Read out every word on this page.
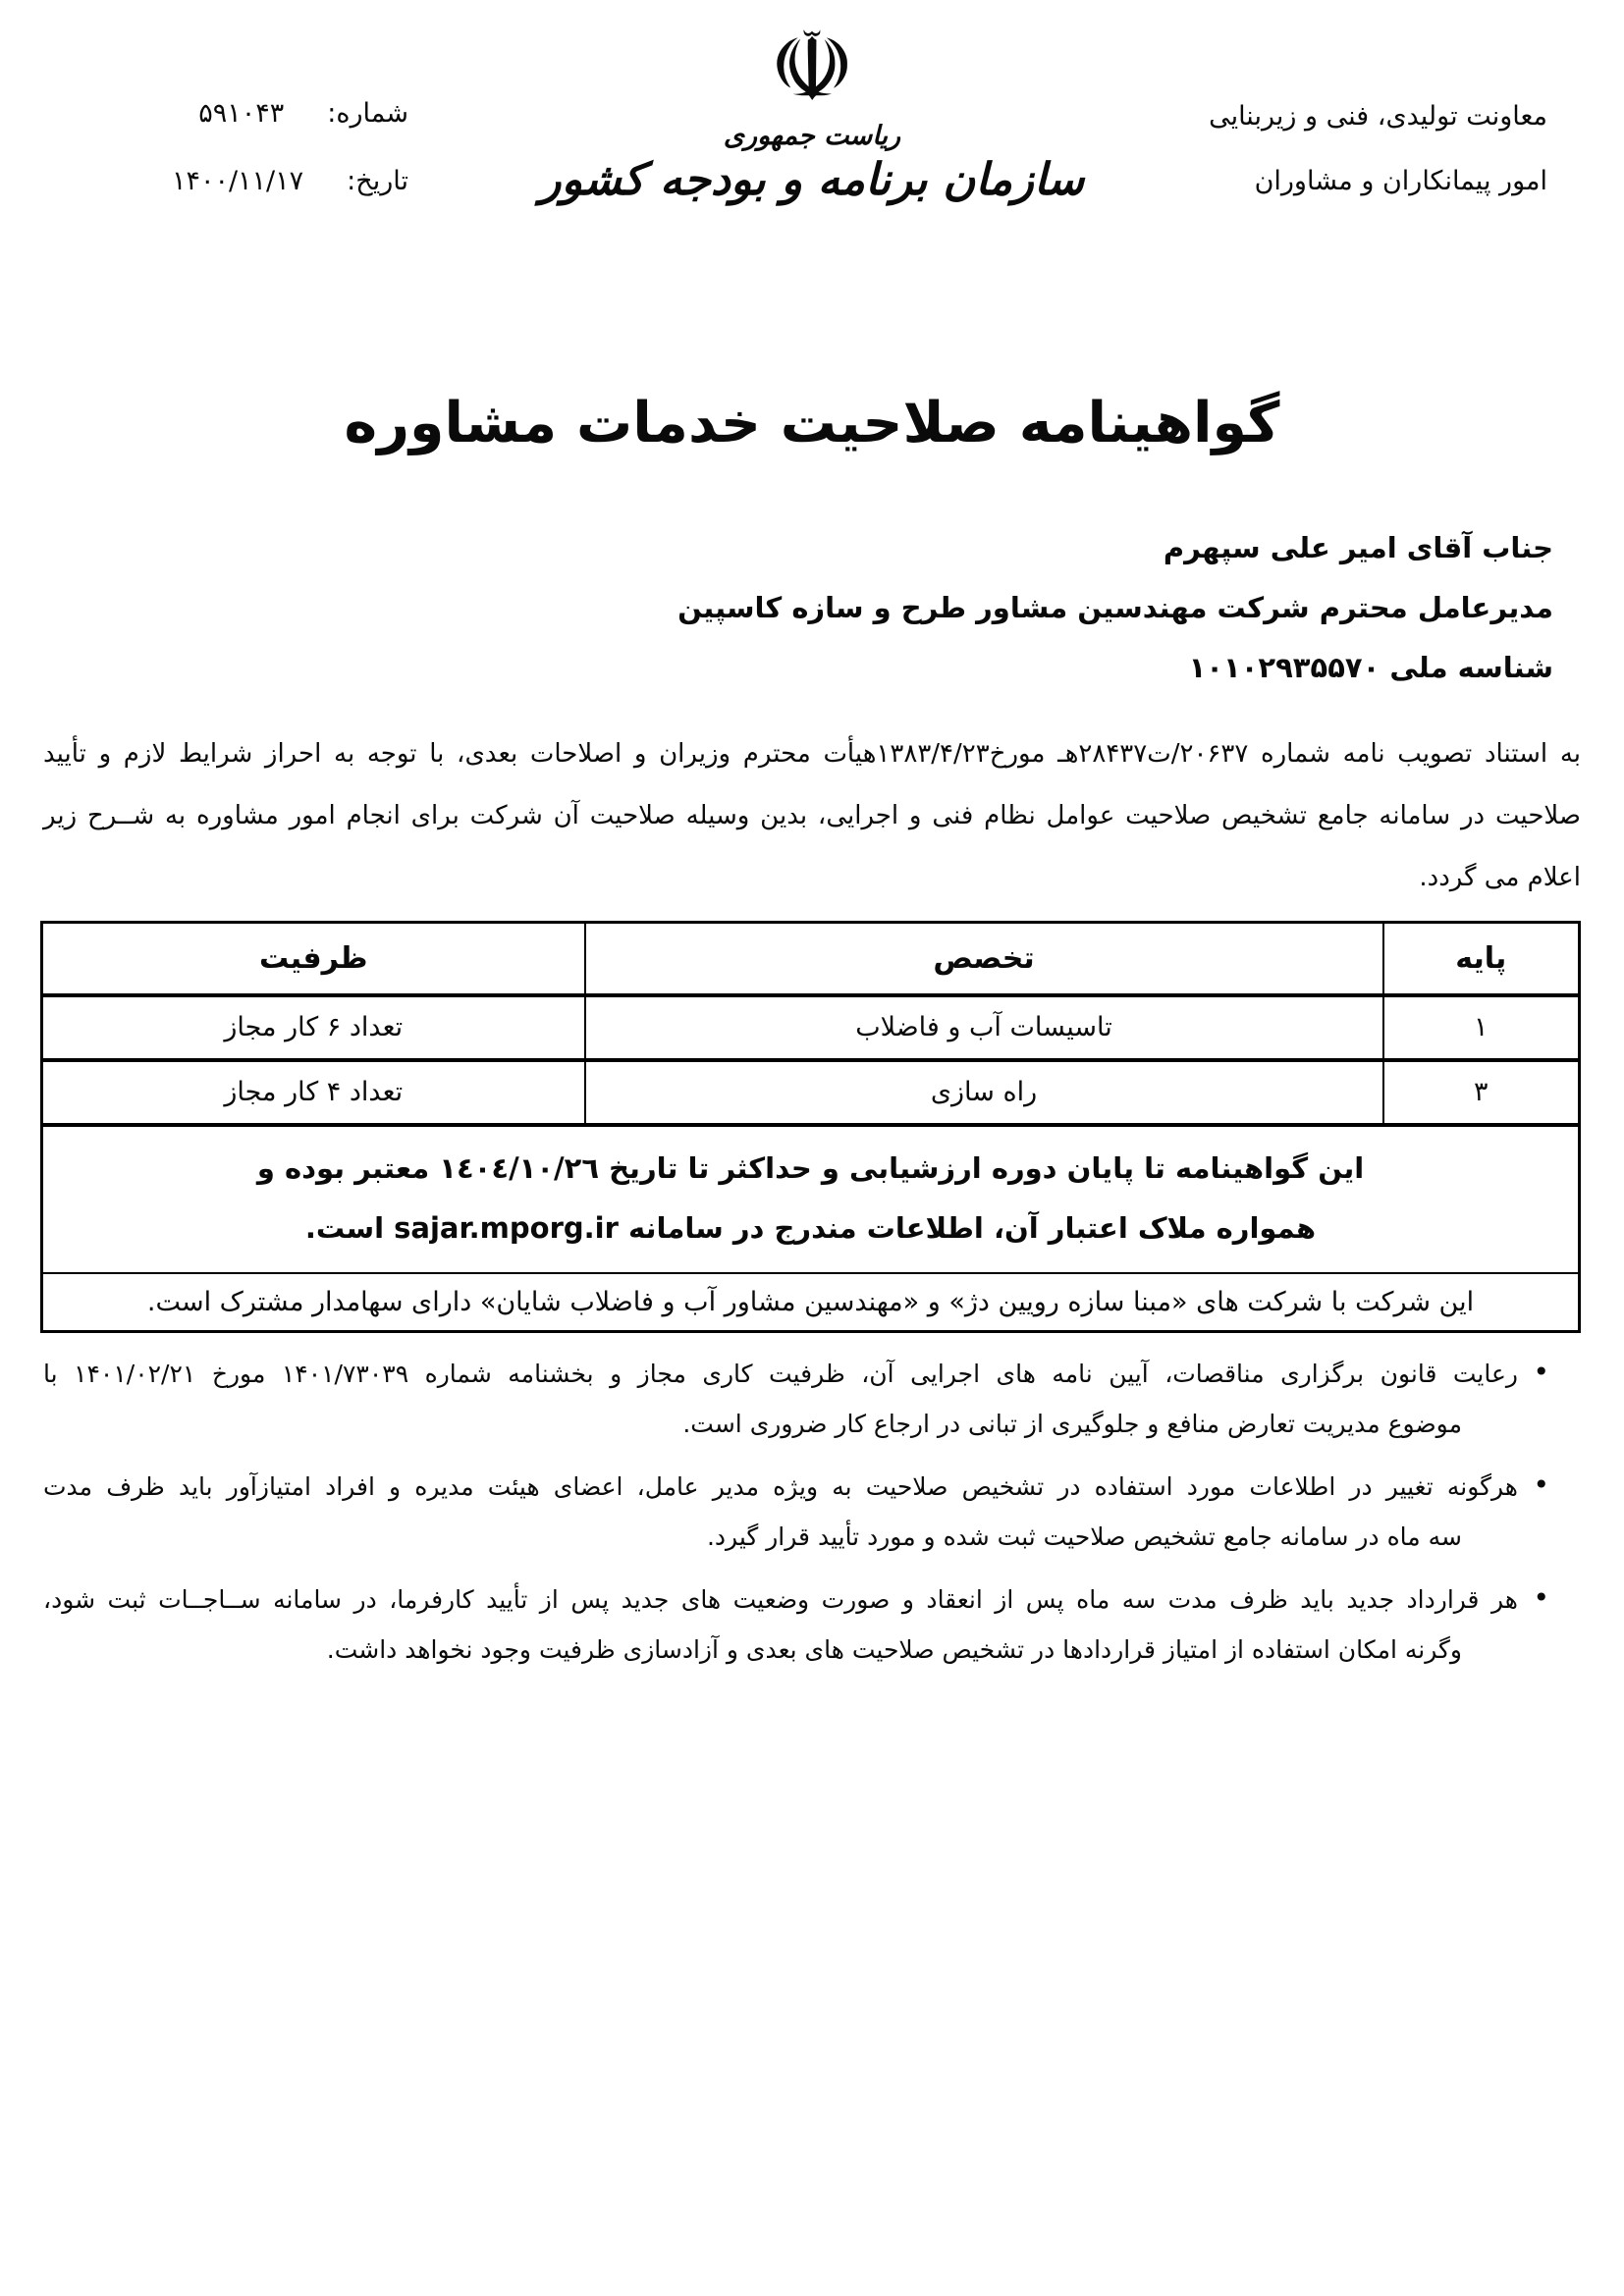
شماره:
۵۹۱۰۴۳
تاریخ:
۱۴۰۰/۱۱/۱۷
☫
ریاست جمهوری
سازمان برنامه و بودجه کشور
معاونت تولیدی، فنی و زیربنایی
امور پیمانکاران و مشاوران
گواهینامه صلاحیت خدمات مشاوره
جناب آقای امیر علی سپهرم
مدیرعامل محترم شرکت مهندسین مشاور طرح و سازه کاسپین
شناسه ملی ۱۰۱۰۲۹۳۵۵۷۰
به استناد تصویب نامه شماره ۲۰۶۳۷/ت۲۸۴۳۷هـ مورخ۱۳۸۳/۴/۲۳هیأت محترم وزیران و اصلاحات بعدی، با توجه به احراز شرایط لازم و تأیید صلاحیت در سامانه جامع تشخیص صلاحیت عوامل نظام فنی و اجرایی، بدین وسیله صلاحیت آن شرکت برای انجام امور مشاوره به شــرح زیر اعلام می گردد.
پایه	تخصص	ظرفیت
۱	تاسیسات آب و فاضلاب	تعداد ۶ کار مجاز
۳	راه سازی	تعداد ۴ کار مجاز

این گواهینامه تا پایان دوره ارزشیابی و حداکثر تا تاریخ ۱٤۰٤/۱۰/۲٦ معتبر بوده و
همواره ملاک اعتبار آن، اطلاعات مندرج در سامانه sajar.mporg.ir است.		

این شرکت با شرکت های «مبنا سازه رویین دژ» و «مهندسین مشاور آب و فاضلاب شایان» دارای سهامدار مشترک است.		
•
رعایت قانون برگزاری مناقصات، آیین نامه های اجرایی آن، ظرفیت کاری مجاز و بخشنامه شماره ۱۴۰۱/۷۳۰۳۹ مورخ ۱۴۰۱/۰۲/۲۱ با
موضوع مدیریت تعارض منافع و جلوگیری از تبانی در ارجاع کار ضروری است.
•
هرگونه تغییر در اطلاعات مورد استفاده در تشخیص صلاحیت به ویژه مدیر عامل، اعضای هیئت مدیره و افراد امتیازآور باید ظرف مدت
سه ماه در سامانه جامع تشخیص صلاحیت ثبت شده و مورد تأیید قرار گیرد.
•
هر قرارداد جدید باید ظرف مدت سه ماه پس از انعقاد و صورت وضعیت های جدید پس از تأیید کارفرما، در سامانه ســاجــات ثبت شود،
وگرنه امکان استفاده از امتیاز قراردادها در تشخیص صلاحیت های بعدی و آزادسازی ظرفیت وجود نخواهد داشت.
